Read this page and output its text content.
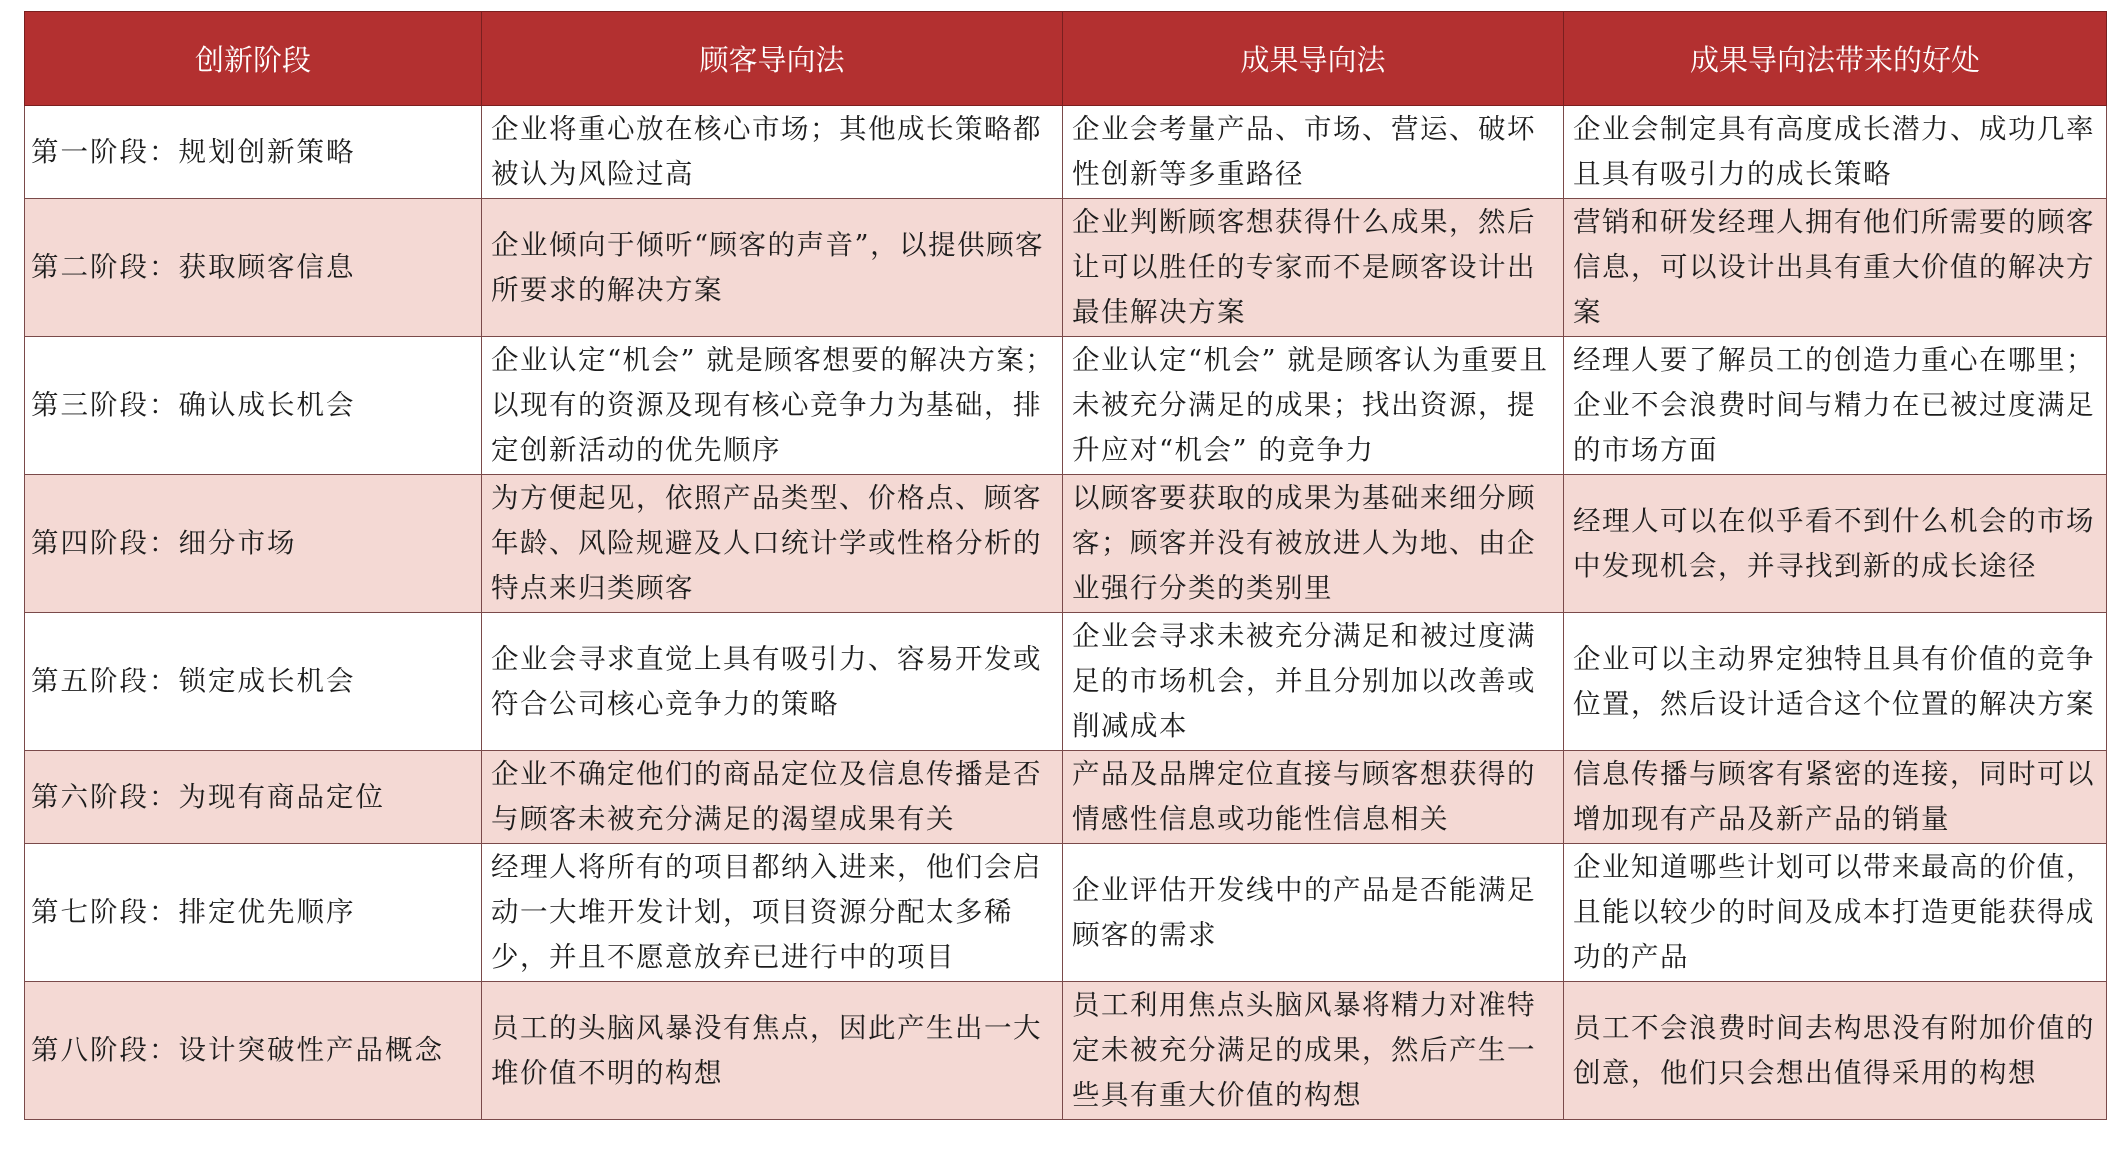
创新阶段	顾客导向法	成果导向法	成果导向法带来的好处
第一阶段：规划创新策略	企业将重心放在核心市场；其他成长策略都被认为风险过高	企业会考量产品、市场、营运、破坏性创新等多重路径	企业会制定具有高度成长潜力、成功几率且具有吸引力的成长策略
第二阶段：获取顾客信息	企业倾向于倾听“顾客的声音”，以提供顾客所要求的解决方案	企业判断顾客想获得什么成果，然后让可以胜任的专家而不是顾客设计出最佳解决方案	营销和研发经理人拥有他们所需要的顾客信息，可以设计出具有重大价值的解决方案
第三阶段：确认成长机会	企业认定“机会” 就是顾客想要的解决方案；以现有的资源及现有核心竞争力为基础，排定创新活动的优先顺序	企业认定“机会” 就是顾客认为重要且未被充分满足的成果；找出资源，提升应对“机会” 的竞争力	经理人要了解员工的创造力重心在哪里；企业不会浪费时间与精力在已被过度满足的市场方面
第四阶段：细分市场	为方便起见，依照产品类型、价格点、顾客年龄、风险规避及人口统计学或性格分析的特点来归类顾客	以顾客要获取的成果为基础来细分顾客；顾客并没有被放进人为地、由企业强行分类的类别里	经理人可以在似乎看不到什么机会的市场中发现机会，并寻找到新的成长途径
第五阶段：锁定成长机会	企业会寻求直觉上具有吸引力、容易开发或符合公司核心竞争力的策略	企业会寻求未被充分满足和被过度满足的市场机会，并且分别加以改善或削减成本	企业可以主动界定独特且具有价值的竞争位置，然后设计适合这个位置的解决方案
第六阶段：为现有商品定位	企业不确定他们的商品定位及信息传播是否与顾客未被充分满足的渴望成果有关	产品及品牌定位直接与顾客想获得的情感性信息或功能性信息相关	信息传播与顾客有紧密的连接，同时可以增加现有产品及新产品的销量
第七阶段：排定优先顺序	经理人将所有的项目都纳入进来，他们会启动一大堆开发计划，项目资源分配太多稀少，并且不愿意放弃已进行中的项目	企业评估开发线中的产品是否能满足顾客的需求	企业知道哪些计划可以带来最高的价值，且能以较少的时间及成本打造更能获得成功的产品
第八阶段：设计突破性产品概念	员工的头脑风暴没有焦点，因此产生出一大堆价值不明的构想	员工利用焦点头脑风暴将精力对准特定未被充分满足的成果，然后产生一些具有重大价值的构想	员工不会浪费时间去构思没有附加价值的创意，他们只会想出值得采用的构想
